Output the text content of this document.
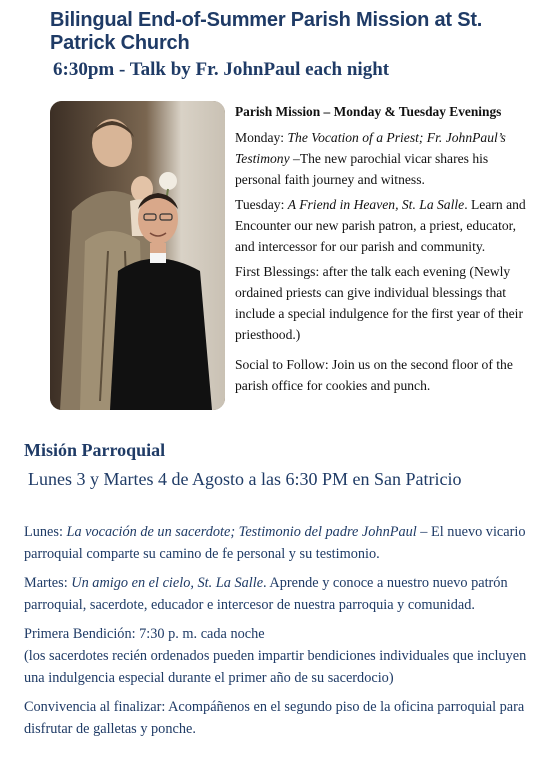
Bilingual End-of-Summer Parish Mission at St. Patrick Church
6:30pm - Talk by Fr. JohnPaul each night

Parish Mission – Monday & Tuesday Evenings

Monday: The Vocation of a Priest; Fr. JohnPaul’s Testimony –The new parochial vicar shares his personal faith journey and witness.

Tuesday: A Friend in Heaven, St. La Salle. Learn and Encounter our new parish patron, a priest, educator, and intercessor for our parish and community.

First Blessings: after the talk each evening (Newly ordained priests can give individual blessings that include a special indulgence for the first year of their priesthood.)

Social to Follow: Join us on the second floor of the parish office for cookies and punch.

Misión Parroquial
Lunes 3 y Martes 4 de Agosto a las 6:30 PM en San Patricio

Lunes: La vocación de un sacerdote; Testimonio del padre JohnPaul – El nuevo vicario parroquial comparte su camino de fe personal y su testimonio.

Martes: Un amigo en el cielo, St. La Salle. Aprende y conoce a nuestro nuevo patrón parroquial, sacerdote, educador e intercesor de nuestra parroquia y comunidad.

Primera Bendición: 7:30 p. m. cada noche
(los sacerdotes recién ordenados pueden impartir bendiciones individuales que incluyen una indulgencia especial durante el primer año de su sacerdocio)

Convivencia al finalizar: Acompáñenos en el segundo piso de la oficina parroquial para disfrutar de galletas y ponche.
